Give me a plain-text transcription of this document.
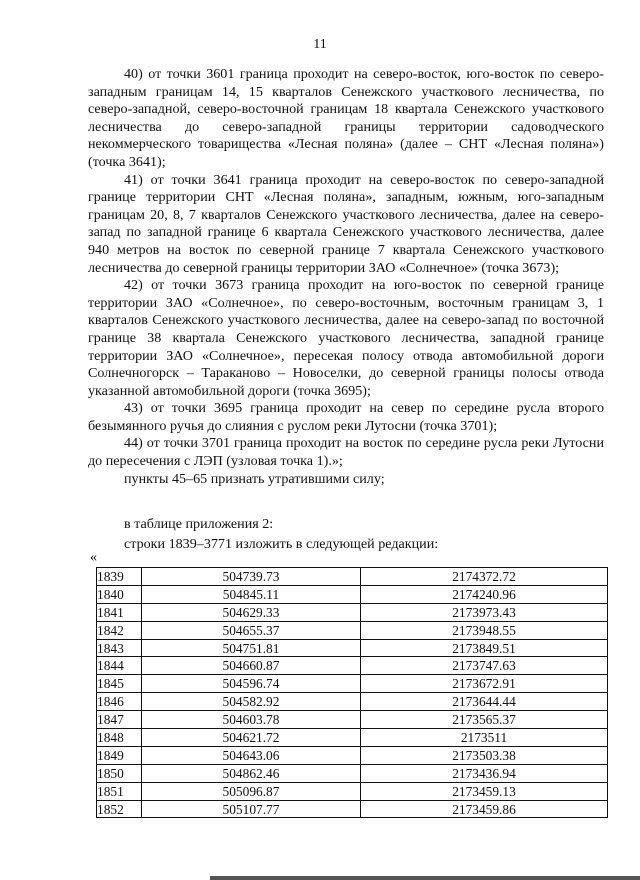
11

40) от точки 3601 граница проходит на северо-восток, юго-восток по северо-западным границам 14, 15 кварталов Сенежского участкового лесничества, по северо-западной, северо-восточной границам 18 квартала Сенежского участкового лесничества до северо-западной границы территории садоводческого некоммерческого товарищества «Лесная поляна» (далее – СНТ «Лесная поляна») (точка 3641);

41) от точки 3641 граница проходит на северо-восток по северо-западной границе территории СНТ «Лесная поляна», западным, южным, юго-западным границам 20, 8, 7 кварталов Сенежского участкового лесничества, далее на северо-запад по западной границе 6 квартала Сенежского участкового лесничества, далее 940 метров на восток по северной границе 7 квартала Сенежского участкового лесничества до северной границы территории ЗАО «Солнечное» (точка 3673);

42) от точки 3673 граница проходит на юго-восток по северной границе территории ЗАО «Солнечное», по северо-восточным, восточным границам 3, 1 кварталов Сенежского участкового лесничества, далее на северо-запад по восточной границе 38 квартала Сенежского участкового лесничества, западной границе территории ЗАО «Солнечное», пересекая полосу отвода автомобильной дороги Солнечногорск – Тараканово – Новоселки, до северной границы полосы отвода указанной автомобильной дороги (точка 3695);

43) от точки 3695 граница проходит на север по середине русла второго безымянного ручья до слияния с руслом реки Лутосни (точка 3701);

44) от точки 3701 граница проходит на восток по середине русла реки Лутосни до пересечения с ЛЭП (узловая точка 1).»;

пункты 45–65 признать утратившими силу;

в таблице приложения 2:

строки 1839–3771 изложить в следующей редакции:

«
1839	504739.73	2174372.72
1840	504845.11	2174240.96
1841	504629.33	2173973.43
1842	504655.37	2173948.55
1843	504751.81	2173849.51
1844	504660.87	2173747.63
1845	504596.74	2173672.91
1846	504582.92	2173644.44
1847	504603.78	2173565.37
1848	504621.72	2173511
1849	504643.06	2173503.38
1850	504862.46	2173436.94
1851	505096.87	2173459.13
1852	505107.77	2173459.86
